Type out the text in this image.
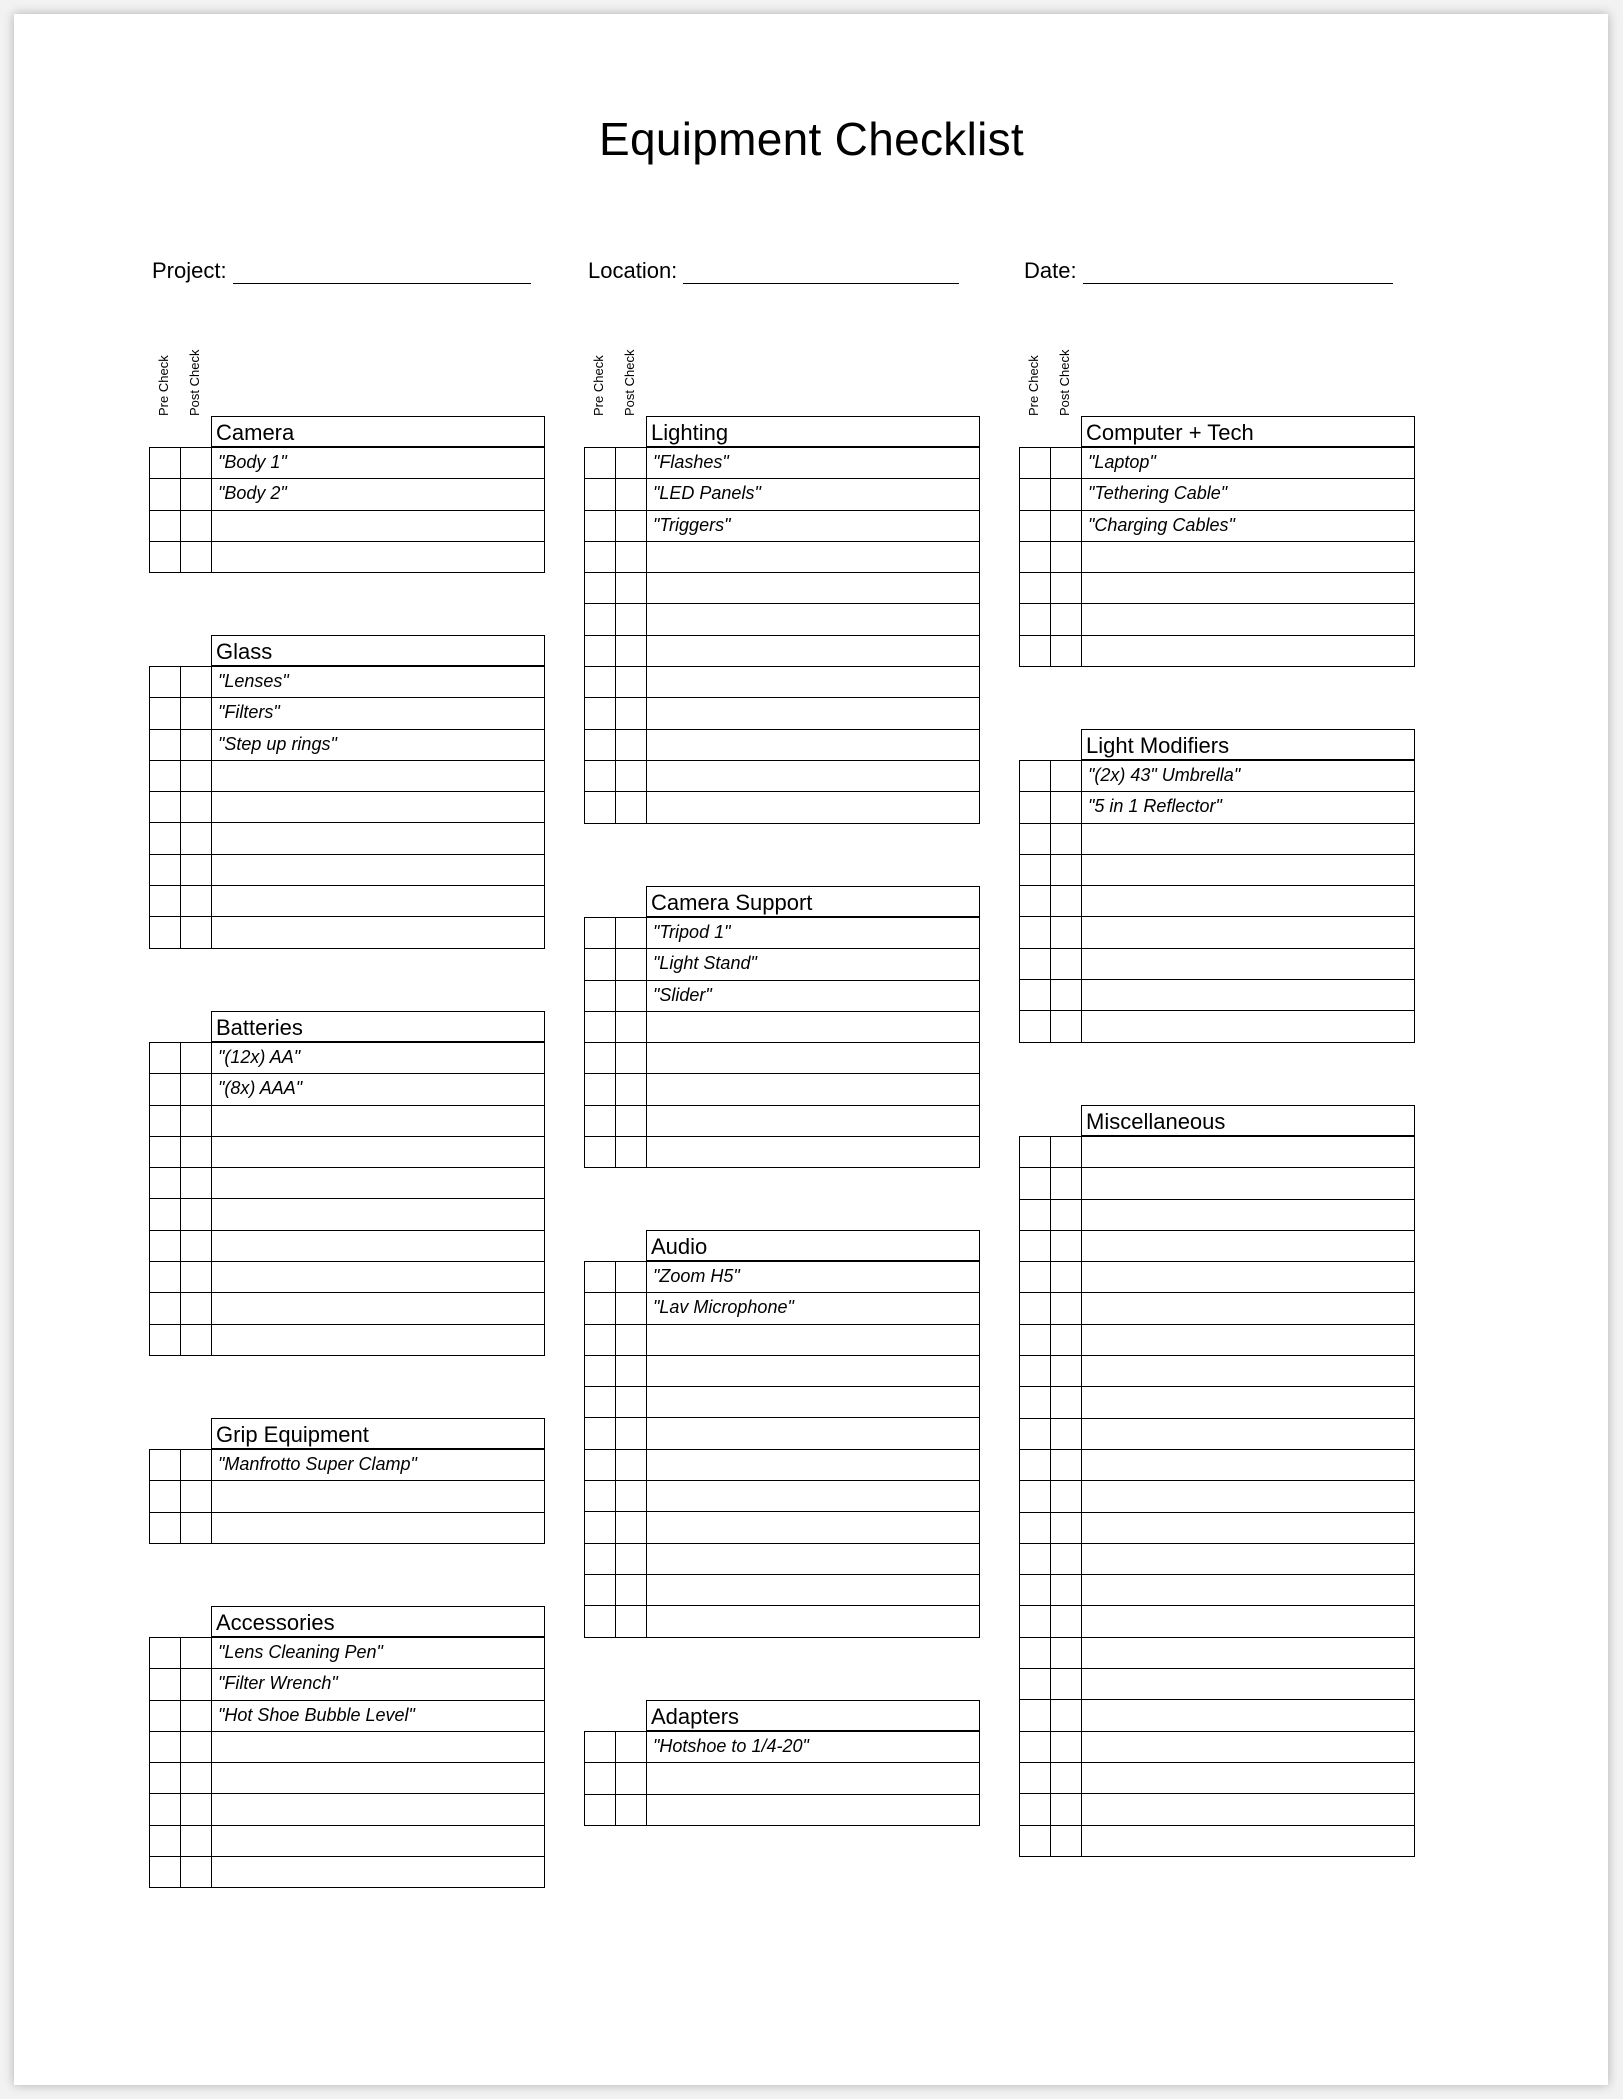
Equipment Checklist
Project:	Location:	Date:
Pre Check Post Check	Pre Check Post Check	Pre Check Post Check
Camera
"Body 1"
"Body 2"
Glass
"Lenses"
"Filters"
"Step up rings"
Batteries
"(12x) AA"
"(8x) AAA"
Grip Equipment
"Manfrotto Super Clamp"
Accessories
"Lens Cleaning Pen"
"Filter Wrench"
"Hot Shoe Bubble Level"
Lighting
"Flashes"
"LED Panels"
"Triggers"
Camera Support
"Tripod 1"
"Light Stand"
"Slider"
Audio
"Zoom H5"
"Lav Microphone"
Adapters
"Hotshoe to 1/4-20"
Computer + Tech
"Laptop"
"Tethering Cable"
"Charging Cables"
Light Modifiers
"(2x) 43" Umbrella"
"5 in 1 Reflector"
Miscellaneous
